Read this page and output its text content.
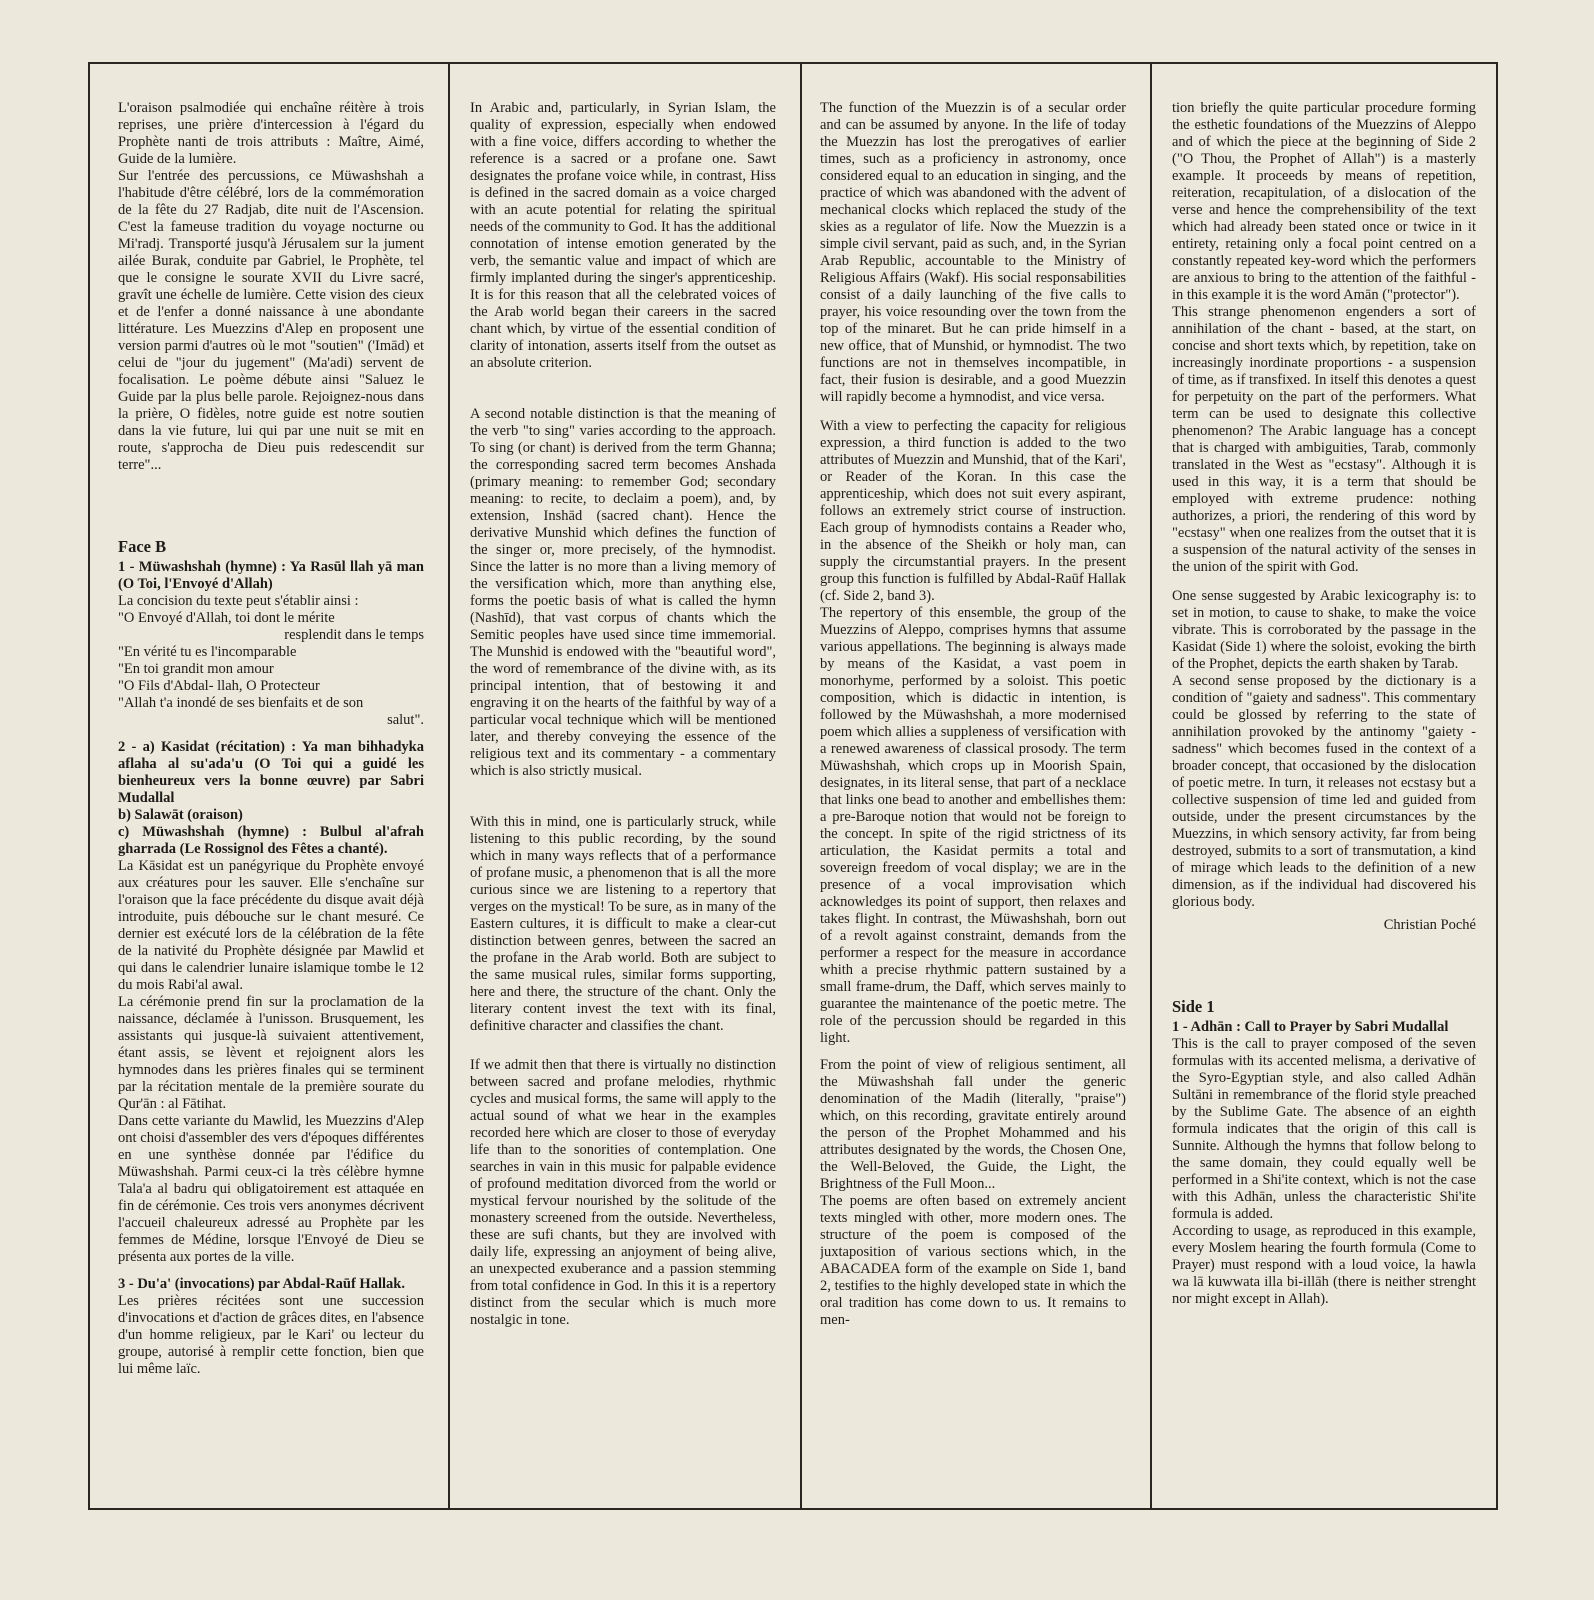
L'oraison psalmodiée qui enchaîne réitère à trois reprises, une prière d'intercession à l'égard du Prophète nanti de trois attributs : Maître, Aimé, Guide de la lumière.

Sur l'entrée des percussions, ce Müwashshah a l'habitude d'être célébré, lors de la commémoration de la fête du 27 Radjab, dite nuit de l'Ascension. C'est la fameuse tradition du voyage nocturne ou Mi'radj. Transporté jusqu'à Jérusalem sur la jument ailée Burak, conduite par Gabriel, le Prophète, tel que le consigne le sourate XVII du Livre sacré, gravît une échelle de lumière. Cette vision des cieux et de l'enfer a donné naissance à une abondante littérature. Les Muezzins d'Alep en proposent une version parmi d'autres où le mot "soutien" ('Imād) et celui de "jour du jugement" (Ma'adi) servent de focalisation. Le poème débute ainsi "Saluez le Guide par la plus belle parole. Rejoignez-nous dans la prière, O fidèles, notre guide est notre soutien dans la vie future, lui qui par une nuit se mit en route, s'approcha de Dieu puis redescendit sur terre"...

Face B

1 - Müwashshah (hymne) : Ya Rasūl llah yā man (O Toi, l'Envoyé d'Allah)

La concision du texte peut s'établir ainsi :

"O Envoyé d'Allah, toi dont le mérite

resplendit dans le temps

"En vérité tu es l'incomparable

"En toi grandit mon amour

"O Fils d'Abdal- llah, O Protecteur

"Allah t'a inondé de ses bienfaits et de son

salut".

2 - a) Kasidat (récitation) : Ya man bihhadyka aflaha al su'ada'u (O Toi qui a guidé les bienheureux vers la bonne œuvre) par Sabri Mudallal

b) Salawāt (oraison)

c) Müwashshah (hymne) : Bulbul al'afrah gharrada (Le Rossignol des Fêtes a chanté).

La Kāsidat est un panégyrique du Prophète envoyé aux créatures pour les sauver. Elle s'enchaîne sur l'oraison que la face précédente du disque avait déjà introduite, puis débouche sur le chant mesuré. Ce dernier est exécuté lors de la célébration de la fête de la nativité du Prophète désignée par Mawlid et qui dans le calendrier lunaire islamique tombe le 12 du mois Rabi'al awal.

La cérémonie prend fin sur la proclamation de la naissance, déclamée à l'unisson. Brusquement, les assistants qui jusque-là suivaient attentivement, étant assis, se lèvent et rejoignent alors les hymnodes dans les prières finales qui se terminent par la récitation mentale de la première sourate du Qur'ān : al Fātihat.

Dans cette variante du Mawlid, les Muezzins d'Alep ont choisi d'assembler des vers d'époques différentes en une synthèse donnée par l'édifice du Müwashshah. Parmi ceux-ci la très célèbre hymne Tala'a al badru qui obligatoirement est attaquée en fin de cérémonie. Ces trois vers anonymes décrivent l'accueil chaleureux adressé au Prophète par les femmes de Médine, lorsque l'Envoyé de Dieu se présenta aux portes de la ville.

3 - Du'a' (invocations) par Abdal-Raūf Hallak.

Les prières récitées sont une succession d'invocations et d'action de grâces dites, en l'absence d'un homme religieux, par le Kari' ou lecteur du groupe, autorisé à remplir cette fonction, bien que lui même laïc.

In Arabic and, particularly, in Syrian Islam, the quality of expression, especially when endowed with a fine voice, differs according to whether the reference is a sacred or a profane one. Sawt designates the profane voice while, in contrast, Hiss is defined in the sacred domain as a voice charged with an acute potential for relating the spiritual needs of the community to God. It has the additional connotation of intense emotion generated by the verb, the semantic value and impact of which are firmly implanted during the singer's apprenticeship. It is for this reason that all the celebrated voices of the Arab world began their careers in the sacred chant which, by virtue of the essential condition of clarity of intonation, asserts itself from the outset as an absolute criterion.

A second notable distinction is that the meaning of the verb "to sing" varies according to the approach. To sing (or chant) is derived from the term Ghanna; the corresponding sacred term becomes Anshada (primary meaning: to remember God; secondary meaning: to recite, to declaim a poem), and, by extension, Inshād (sacred chant). Hence the derivative Munshid which defines the function of the singer or, more precisely, of the hymnodist. Since the latter is no more than a living memory of the versification which, more than anything else, forms the poetic basis of what is called the hymn (Nashīd), that vast corpus of chants which the Semitic peoples have used since time immemorial. The Munshid is endowed with the "beautiful word", the word of remembrance of the divine with, as its principal intention, that of bestowing it and engraving it on the hearts of the faithful by way of a particular vocal technique which will be mentioned later, and thereby conveying the essence of the religious text and its commentary - a commentary which is also strictly musical.

With this in mind, one is particularly struck, while listening to this public recording, by the sound which in many ways reflects that of a performance of profane music, a phenomenon that is all the more curious since we are listening to a repertory that verges on the mystical! To be sure, as in many of the Eastern cultures, it is difficult to make a clear-cut distinction between genres, between the sacred an the profane in the Arab world. Both are subject to the same musical rules, similar forms supporting, here and there, the structure of the chant. Only the literary content invest the text with its final, definitive character and classifies the chant.

If we admit then that there is virtually no distinction between sacred and profane melodies, rhythmic cycles and musical forms, the same will apply to the actual sound of what we hear in the examples recorded here which are closer to those of everyday life than to the sonorities of contemplation. One searches in vain in this music for palpable evidence of profound meditation divorced from the world or mystical fervour nourished by the solitude of the monastery screened from the outside. Nevertheless, these are sufi chants, but they are involved with daily life, expressing an anjoyment of being alive, an unexpected exuberance and a passion stemming from total confidence in God. In this it is a repertory distinct from the secular which is much more nostalgic in tone.

The function of the Muezzin is of a secular order and can be assumed by anyone. In the life of today the Muezzin has lost the prerogatives of earlier times, such as a proficiency in astronomy, once considered equal to an education in singing, and the practice of which was abandoned with the advent of mechanical clocks which replaced the study of the skies as a regulator of life. Now the Muezzin is a simple civil servant, paid as such, and, in the Syrian Arab Republic, accountable to the Ministry of Religious Affairs (Wakf). His social responsabilities consist of a daily launching of the five calls to prayer, his voice resounding over the town from the top of the minaret. But he can pride himself in a new office, that of Munshid, or hymnodist. The two functions are not in themselves incompatible, in fact, their fusion is desirable, and a good Muezzin will rapidly become a hymnodist, and vice versa.

With a view to perfecting the capacity for religious expression, a third function is added to the two attributes of Muezzin and Munshid, that of the Kari', or Reader of the Koran. In this case the apprenticeship, which does not suit every aspirant, follows an extremely strict course of instruction. Each group of hymnodists contains a Reader who, in the absence of the Sheikh or holy man, can supply the circumstantial prayers. In the present group this function is fulfilled by Abdal-Raūf Hallak (cf. Side 2, band 3).

The repertory of this ensemble, the group of the Muezzins of Aleppo, comprises hymns that assume various appellations. The beginning is always made by means of the Kasidat, a vast poem in monorhyme, performed by a soloist. This poetic composition, which is didactic in intention, is followed by the Müwashshah, a more modernised poem which allies a suppleness of versification with a renewed awareness of classical prosody. The term Müwashshah, which crops up in Moorish Spain, designates, in its literal sense, that part of a necklace that links one bead to another and embellishes them: a pre-Baroque notion that would not be foreign to the concept. In spite of the rigid strictness of its articulation, the Kasidat permits a total and sovereign freedom of vocal display; we are in the presence of a vocal improvisation which acknowledges its point of support, then relaxes and takes flight. In contrast, the Müwashshah, born out of a revolt against constraint, demands from the performer a respect for the measure in accordance whith a precise rhythmic pattern sustained by a small frame-drum, the Daff, which serves mainly to guarantee the maintenance of the poetic metre. The role of the percussion should be regarded in this light.

From the point of view of religious sentiment, all the Müwashshah fall under the generic denomination of the Madih (literally, "praise") which, on this recording, gravitate entirely around the person of the Prophet Mohammed and his attributes designated by the words, the Chosen One, the Well-Beloved, the Guide, the Light, the Brightness of the Full Moon...

The poems are often based on extremely ancient texts mingled with other, more modern ones. The structure of the poem is composed of the juxtaposition of various sections which, in the ABACADEA form of the example on Side 1, band 2, testifies to the highly developed state in which the oral tradition has come down to us. It remains to men-

tion briefly the quite particular procedure forming the esthetic foundations of the Muezzins of Aleppo and of which the piece at the beginning of Side 2 ("O Thou, the Prophet of Allah") is a masterly example. It proceeds by means of repetition, reiteration, recapitulation, of a dislocation of the verse and hence the comprehensibility of the text which had already been stated once or twice in it entirety, retaining only a focal point centred on a constantly repeated key-word which the performers are anxious to bring to the attention of the faithful - in this example it is the word Amān ("protector").

This strange phenomenon engenders a sort of annihilation of the chant - based, at the start, on concise and short texts which, by repetition, take on increasingly inordinate proportions - a suspension of time, as if transfixed. In itself this denotes a quest for perpetuity on the part of the performers. What term can be used to designate this collective phenomenon? The Arabic language has a concept that is charged with ambiguities, Tarab, commonly translated in the West as "ecstasy". Although it is used in this way, it is a term that should be employed with extreme prudence: nothing authorizes, a priori, the rendering of this word by "ecstasy" when one realizes from the outset that it is a suspension of the natural activity of the senses in the union of the spirit with God.

One sense suggested by Arabic lexicography is: to set in motion, to cause to shake, to make the voice vibrate. This is corroborated by the passage in the Kasidat (Side 1) where the soloist, evoking the birth of the Prophet, depicts the earth shaken by Tarab.

A second sense proposed by the dictionary is a condition of "gaiety and sadness". This commentary could be glossed by referring to the state of annihilation provoked by the antinomy "gaiety - sadness" which becomes fused in the context of a broader concept, that occasioned by the dislocation of poetic metre. In turn, it releases not ecstasy but a collective suspension of time led and guided from outside, under the present circumstances by the Muezzins, in which sensory activity, far from being destroyed, submits to a sort of transmutation, a kind of mirage which leads to the definition of a new dimension, as if the individual had discovered his glorious body.

Christian Poché

Side 1

1 - Adhān : Call to Prayer by Sabri Mudallal

This is the call to prayer composed of the seven formulas with its accented melisma, a derivative of the Syro-Egyptian style, and also called Adhān Sultāni in remembrance of the florid style preached by the Sublime Gate. The absence of an eighth formula indicates that the origin of this call is Sunnite. Although the hymns that follow belong to the same domain, they could equally well be performed in a Shi'ite context, which is not the case with this Adhān, unless the characteristic Shi'ite formula is added.

According to usage, as reproduced in this example, every Moslem hearing the fourth formula (Come to Prayer) must respond with a loud voice, la hawla wa lā kuwwata illa bi-illāh (there is neither strenght nor might except in Allah).
